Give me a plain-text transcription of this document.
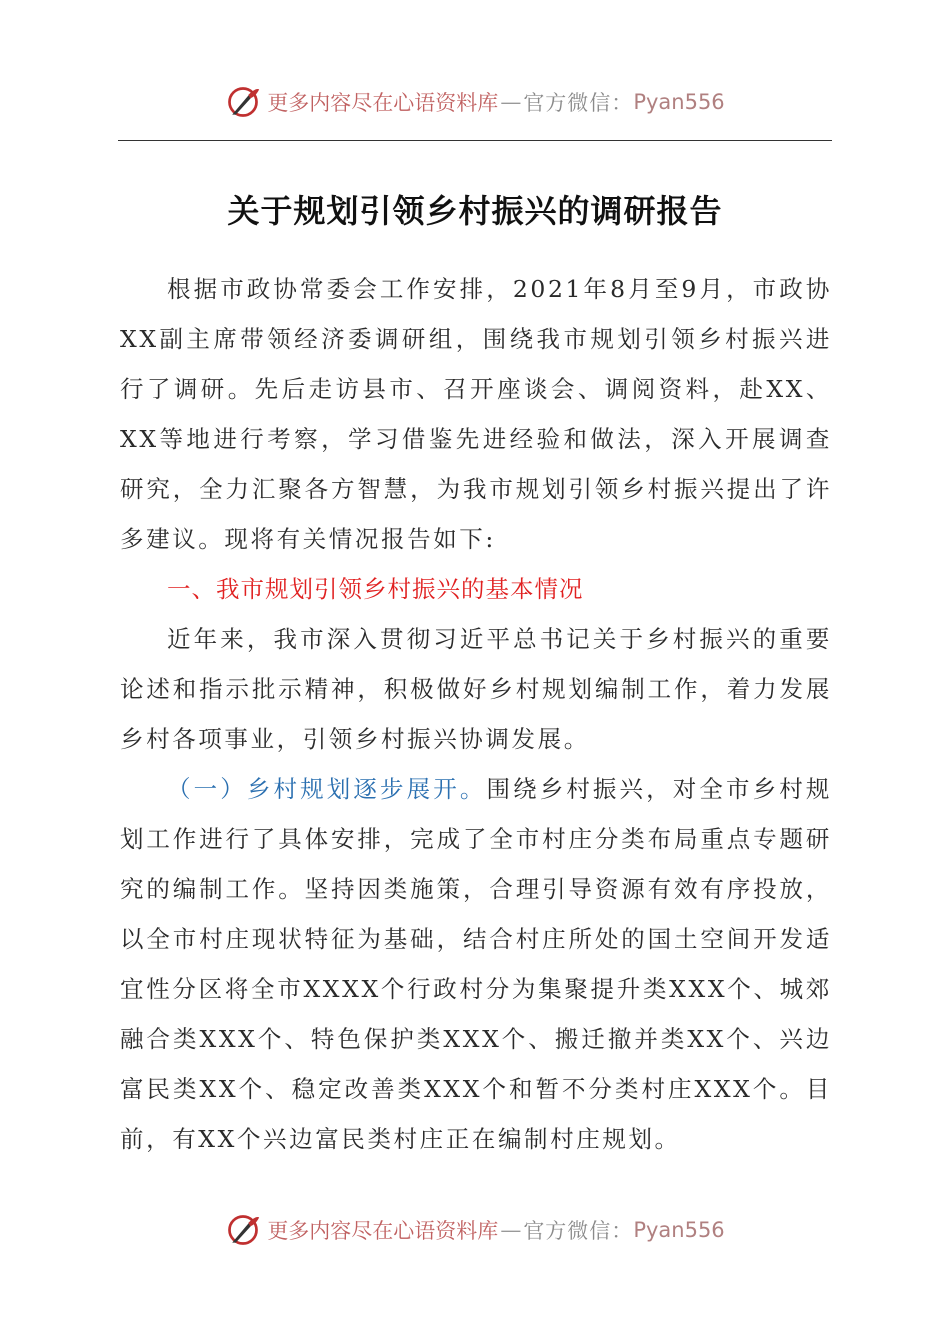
更多内容尽在心语资料库 — 官方微信： Pyan556
关于规划引领乡村振兴的调研报告

根据市政协常委会工作安排，2021年8月至9月，市政协XX副主席带领经济委调研组，围绕我市规划引领乡村振兴进行了调研。先后走访县市、召开座谈会、调阅资料，赴XX、XX等地进行考察，学习借鉴先进经验和做法，深入开展调查研究，全力汇聚各方智慧，为我市规划引领乡村振兴提出了许多建议。现将有关情况报告如下:

一、我市规划引领乡村振兴的基本情况

近年来，我市深入贯彻习近平总书记关于乡村振兴的重要论述和指示批示精神，积极做好乡村规划编制工作，着力发展乡村各项事业，引领乡村振兴协调发展。

（一）乡村规划逐步展开。围绕乡村振兴，对全市乡村规划工作进行了具体安排，完成了全市村庄分类布局重点专题研究的编制工作。坚持因类施策，合理引导资源有效有序投放，以全市村庄现状特征为基础，结合村庄所处的国土空间开发适宜性分区将全市XXXX个行政村分为集聚提升类XXX个、城郊融合类XXX个、特色保护类XXX个、搬迁撤并类XX个、兴边富民类XX个、稳定改善类XXX个和暂不分类村庄XXX个。目前，有XX个兴边富民类村庄正在编制村庄规划。

更多内容尽在心语资料库 — 官方微信： Pyan556
